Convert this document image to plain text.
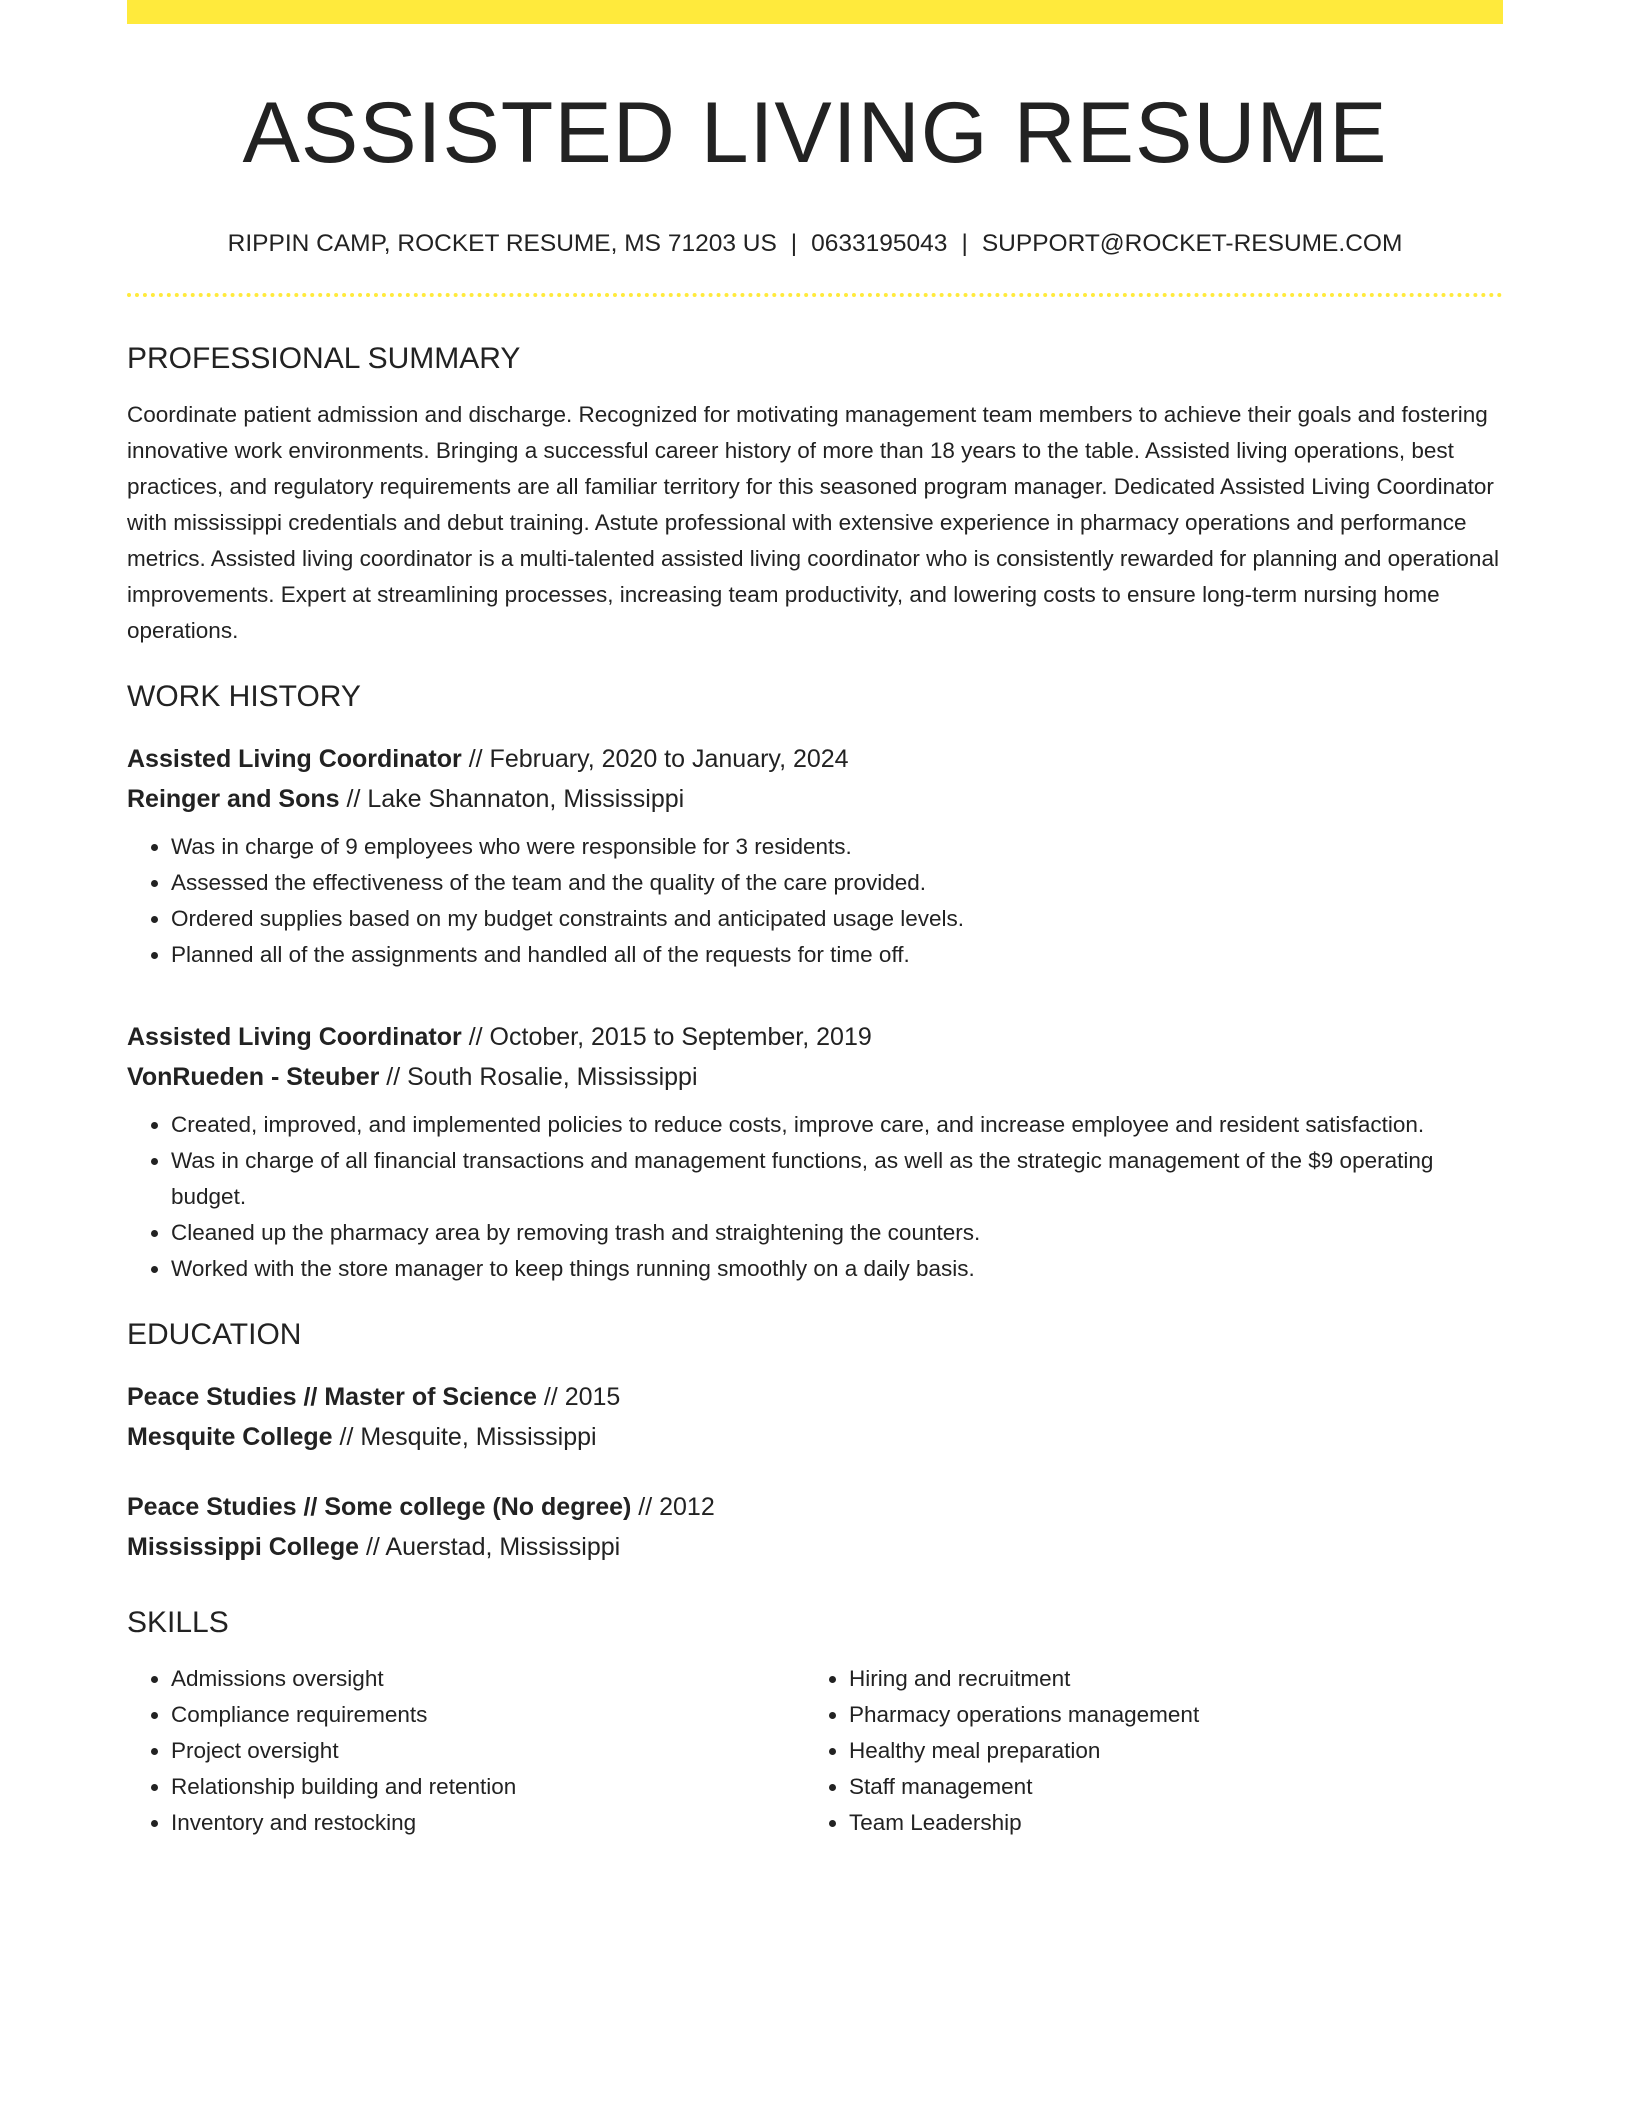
ASSISTED LIVING RESUME
RIPPIN CAMP, ROCKET RESUME, MS 71203 US | 0633195043 | SUPPORT@ROCKET-RESUME.COM
PROFESSIONAL SUMMARY

Coordinate patient admission and discharge. Recognized for motivating management team members to achieve their goals and fostering innovative work environments. Bringing a successful career history of more than 18 years to the table. Assisted living operations, best practices, and regulatory requirements are all familiar territory for this seasoned program manager. Dedicated Assisted Living Coordinator with mississippi credentials and debut training. Astute professional with extensive experience in pharmacy operations and performance metrics. Assisted living coordinator is a multi-talented assisted living coordinator who is consistently rewarded for planning and operational improvements. Expert at streamlining processes, increasing team productivity, and lowering costs to ensure long-term nursing home operations.

WORK HISTORY
Assisted Living Coordinator // February, 2020 to January, 2024
Reinger and Sons // Lake Shannaton, Mississippi
• Was in charge of 9 employees who were responsible for 3 residents.
• Assessed the effectiveness of the team and the quality of the care provided.
• Ordered supplies based on my budget constraints and anticipated usage levels.
• Planned all of the assignments and handled all of the requests for time off.
Assisted Living Coordinator // October, 2015 to September, 2019
VonRueden - Steuber // South Rosalie, Mississippi
• Created, improved, and implemented policies to reduce costs, improve care, and increase employee and resident satisfaction.
• Was in charge of all financial transactions and management functions, as well as the strategic management of the $9 operating budget.
• Cleaned up the pharmacy area by removing trash and straightening the counters.
• Worked with the store manager to keep things running smoothly on a daily basis.
EDUCATION
Peace Studies // Master of Science // 2015
Mesquite College // Mesquite, Mississippi
Peace Studies // Some college (No degree) // 2012
Mississippi College // Auerstad, Mississippi
SKILLS
• Admissions oversight
• Compliance requirements
• Project oversight
• Relationship building and retention
• Inventory and restocking
• Hiring and recruitment
• Pharmacy operations management
• Healthy meal preparation
• Staff management
• Team Leadership
